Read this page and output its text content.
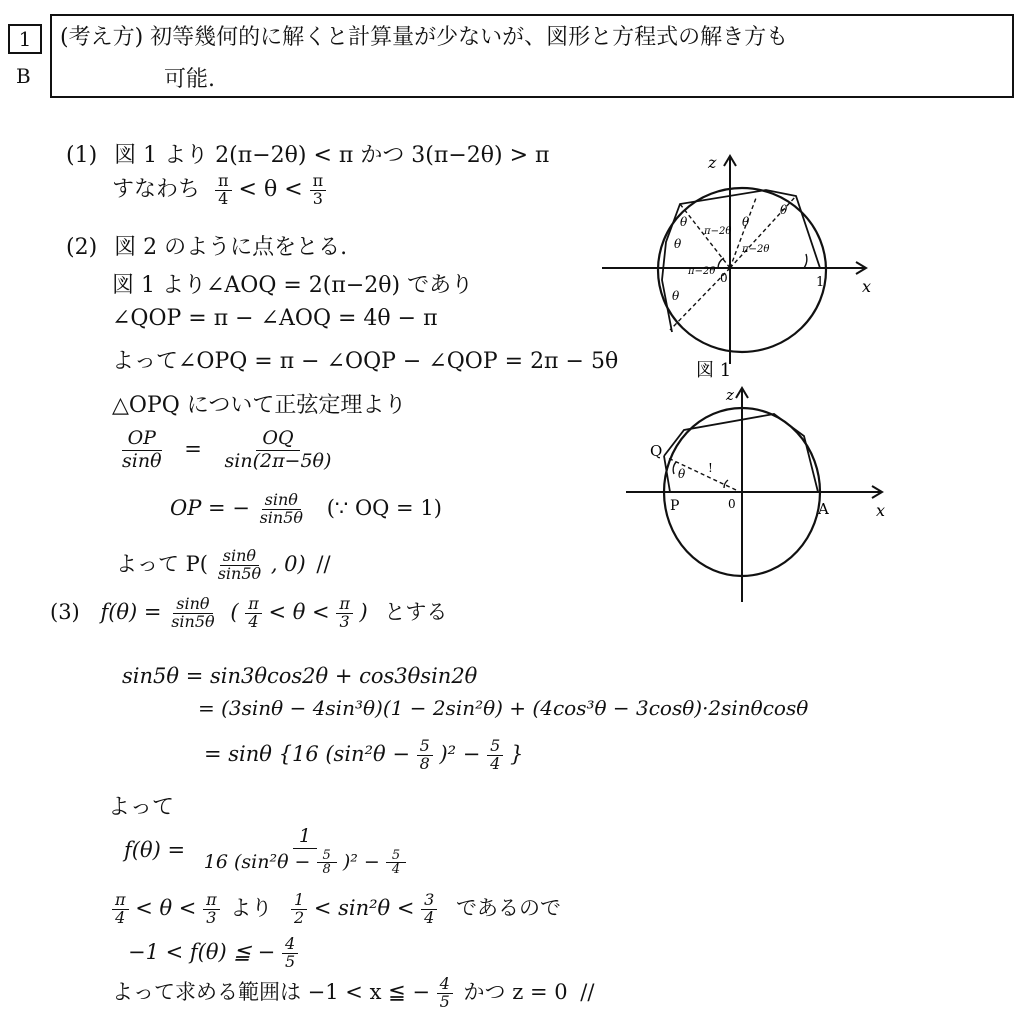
1
B
(考え方) 初等幾何的に解くと計算量が少ないが、図形と方程式の解き方も
可能.
(1) 図 1 より 2(π−2θ) < π かつ 3(π−2θ) > π
すなわち $\frac{\pi}{4} < \theta < \frac{\pi}{3}$
(2) 図 2 のように点をとる.
図 1 より∠AOQ = 2(π−2θ) であり
∠QOP = π − ∠AOQ = 4θ − π
よって∠OPQ = π − ∠OQP − ∠QOP = 2π − 5θ
△OPQ について正弦定理より
$\frac{OP}{\sin\theta} = \frac{OQ}{\sin(2\pi-5\theta)}$
OP = − $\frac{\sin\theta}{\sin 5\theta}$ (∵ OQ = 1)
よって $P( \frac{\sin\theta}{\sin 5\theta}$ , 0) //
(3) $f(\theta) = \frac{\sin\theta}{\sin 5\theta}$ ( $\frac{\pi}{4} < \theta < \frac{\pi}{3}$ ) とする
sin5θ = sin3θcos2θ + cos3θsin2θ
= (3sinθ − 4sin³θ)(1 − 2sin²θ) + (4cos³θ − 3cosθ)·2sinθcosθ
= sinθ {16 $(\sin^2\theta - \frac{5}{8} )^2 - \frac{5}{4}$ }
よって
$f(\theta) = \frac{1}{16 (\sin^2\theta - \frac{5}{8} )^2 - \frac{5}{4}}$
$\frac{\pi}{4} < \theta < \frac{\pi}{3}$ より $\frac{1}{2} < \sin^2\theta < \frac{3}{4}$ であるので
−1 < f(θ) ≦ − $\frac{4}{5}$
よって求める範囲は −1 < x ≦ − $\frac{4}{5}$ かつ z = 0 //
z
x
0	1
θ
θ
π−2θ
θ
π−2θ
π−2θ
θ
θ
図 1
z
x
0
Q
P	A
θ !
